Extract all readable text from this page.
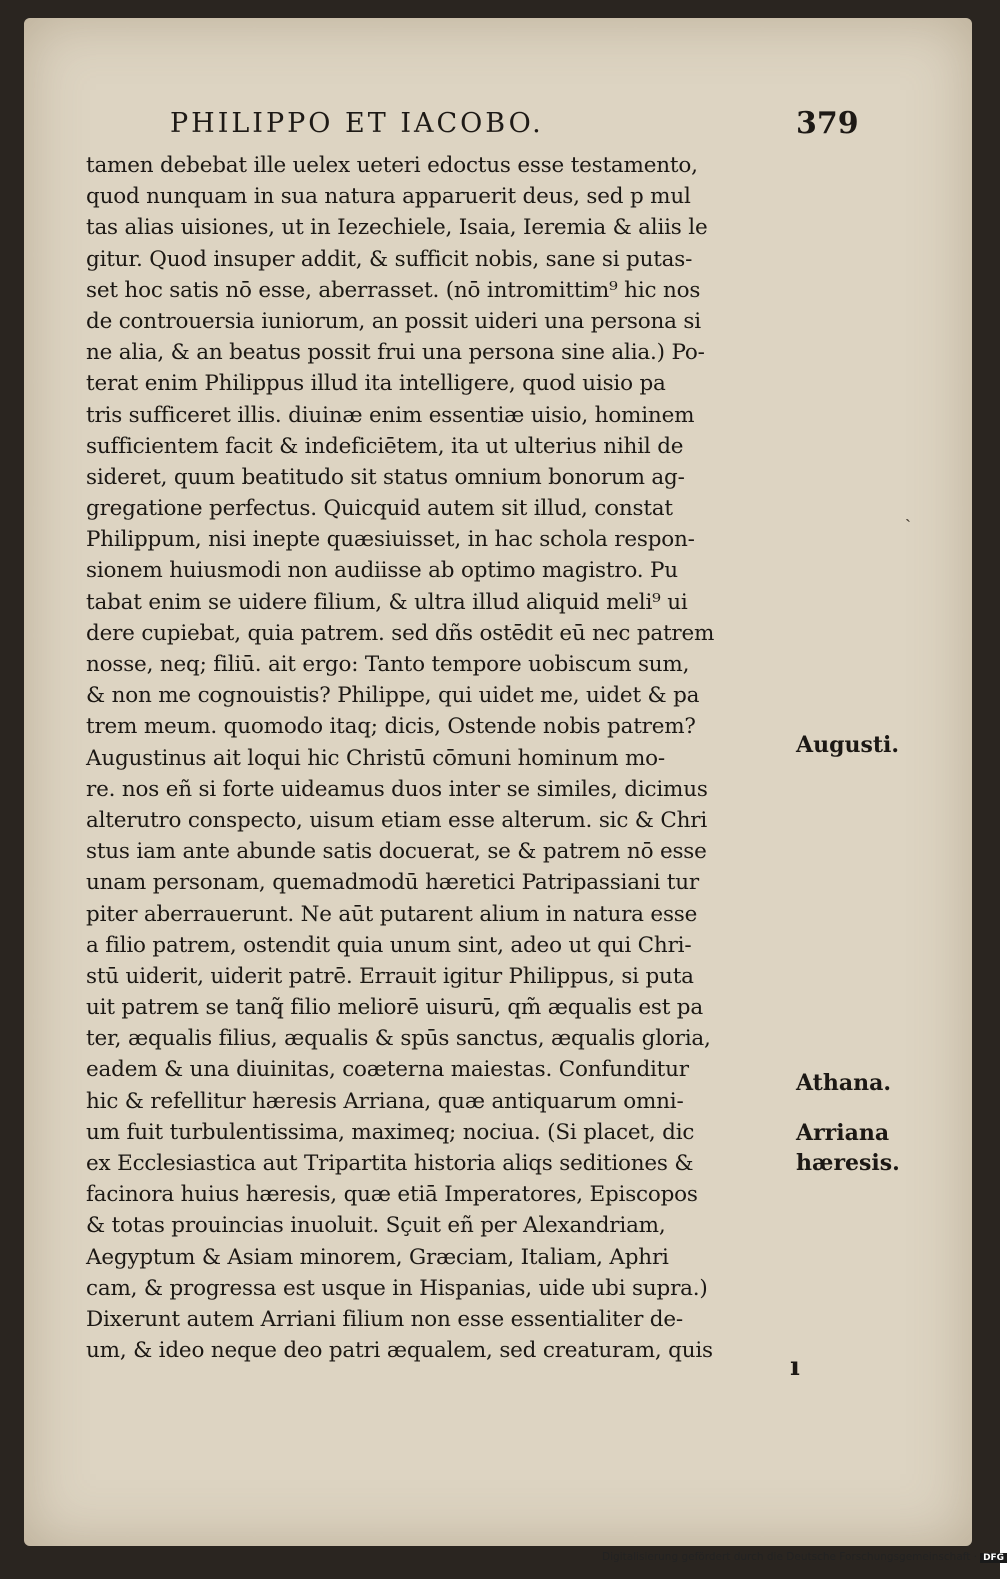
PHILIPPO ET IACOBO.	379
tamen debebat ille uelex ueteri edoctus esse testamento,
quod nunquam in sua natura apparuerit deus, sed p mul
tas alias uisiones, ut in Iezechiele, Isaia, Ieremia & aliis le
gitur. Quod insuper addit, & sufficit nobis, sane si putas-
set hoc satis nō esse, aberrasset. (nō intromittim⁹ hic nos
de controuersia iuniorum, an possit uideri una persona si
ne alia, & an beatus possit frui una persona sine alia.) Po-
terat enim Philippus illud ita intelligere, quod uisio pa
tris sufficeret illis. diuinæ enim essentiæ uisio, hominem
sufficientem facit & indeficiētem, ita ut ulterius nihil de
sideret, quum beatitudo sit status omnium bonorum ag-
gregatione perfectus. Quicquid autem sit illud, constat
Philippum, nisi inepte quæsiuisset, in hac schola respon-
sionem huiusmodi non audiisse ab optimo magistro. Pu
tabat enim se uidere filium, & ultra illud aliquid meli⁹ ui
dere cupiebat, quia patrem. sed dñs ostēdit eū nec patrem
nosse, neq; filiū. ait ergo: Tanto tempore uobiscum sum,
& non me cognouistis? Philippe, qui uidet me, uidet & pa
trem meum. quomodo itaq; dicis, Ostende nobis patrem?
Augustinus ait loqui hic Christū cōmuni hominum mo-
re. nos eñ si forte uideamus duos inter se similes, dicimus
alterutro conspecto, uisum etiam esse alterum. sic & Chri
stus iam ante abunde satis docuerat, se & patrem nō esse
unam personam, quemadmodū hæretici Patripassiani tur
piter aberrauerunt. Ne aūt putarent alium in natura esse
a filio patrem, ostendit quia unum sint, adeo ut qui Chri-
stū uiderit, uiderit patrē. Errauit igitur Philippus, si puta
uit patrem se tanq̃ filio meliorē uisurū, qm̃ æqualis est pa
ter, æqualis filius, æqualis & spūs sanctus, æqualis gloria,
eadem & una diuinitas, coæterna maiestas. Confunditur
hic & refellitur hæresis Arriana, quæ antiquarum omni-
um fuit turbulentissima, maximeq; nociua. (Si placet, dic
ex Ecclesiastica aut Tripartita historia aliqs seditiones &
facinora huius hæresis, quæ etiā Imperatores, Episcopos
& totas prouincias inuoluit. Sçuit eñ per Alexandriam,
Aegyptum & Asiam minorem, Græciam, Italiam, Aphri
cam, & progressa est usque in Hispanias, uide ubi supra.)
Dixerunt autem Arriani filium non esse essentialiter de-
um, & ideo neque deo patri æqualem, sed creaturam, quis
Augusti.
Athana.
Arriana
hæresis.
ˎ
ı
Digitalisierung gefördert durch die Deutsche Forschungsgemeinschaft · DFG
